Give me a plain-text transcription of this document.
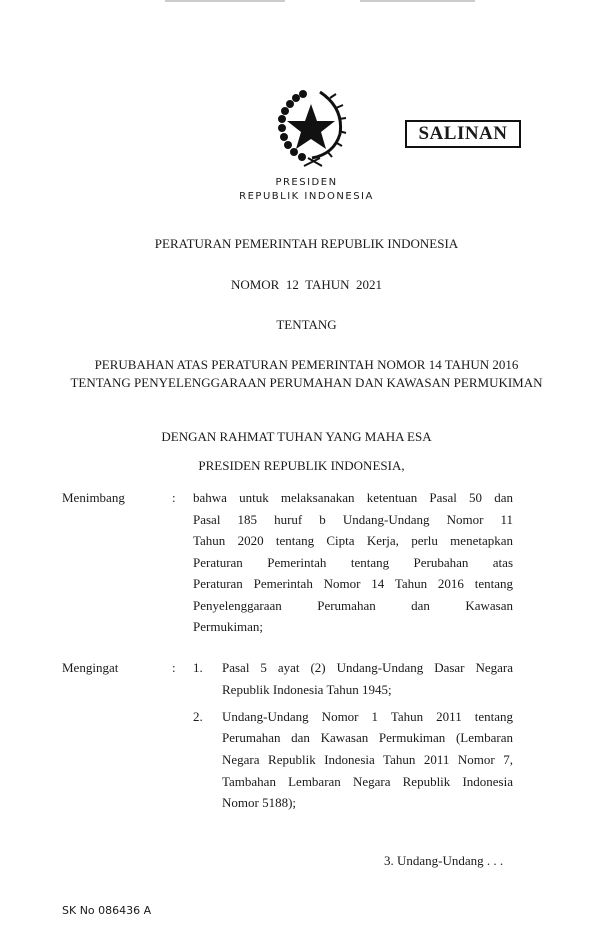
SALINAN
PRESIDEN
REPUBLIK INDONESIA
PERATURAN PEMERINTAH REPUBLIK INDONESIA
NOMOR  12  TAHUN  2021
TENTANG
PERUBAHAN ATAS PERATURAN PEMERINTAH NOMOR 14 TAHUN 2016
TENTANG PENYELENGGARAAN PERUMAHAN DAN KAWASAN PERMUKIMAN
DENGAN RAHMAT TUHAN YANG MAHA ESA
PRESIDEN REPUBLIK INDONESIA,
Menimbang	: bahwa untuk melaksanakan ketentuan Pasal 50 dan
Pasal 185 huruf b Undang-Undang Nomor 11
Tahun 2020 tentang Cipta Kerja, perlu menetapkan
Peraturan Pemerintah tentang Perubahan atas
Peraturan Pemerintah Nomor 14 Tahun 2016 tentang
Penyelenggaraan Perumahan dan Kawasan
Permukiman;
Mengingat	: 1. Pasal 5 ayat (2) Undang-Undang Dasar Negara
Republik Indonesia Tahun 1945;
2. Undang-Undang Nomor 1 Tahun 2011 tentang
Perumahan dan Kawasan Permukiman (Lembaran
Negara Republik Indonesia Tahun 2011 Nomor 7,
Tambahan Lembaran Negara Republik Indonesia
Nomor 5188);
3. Undang-Undang . . .
SK No 086436 A
